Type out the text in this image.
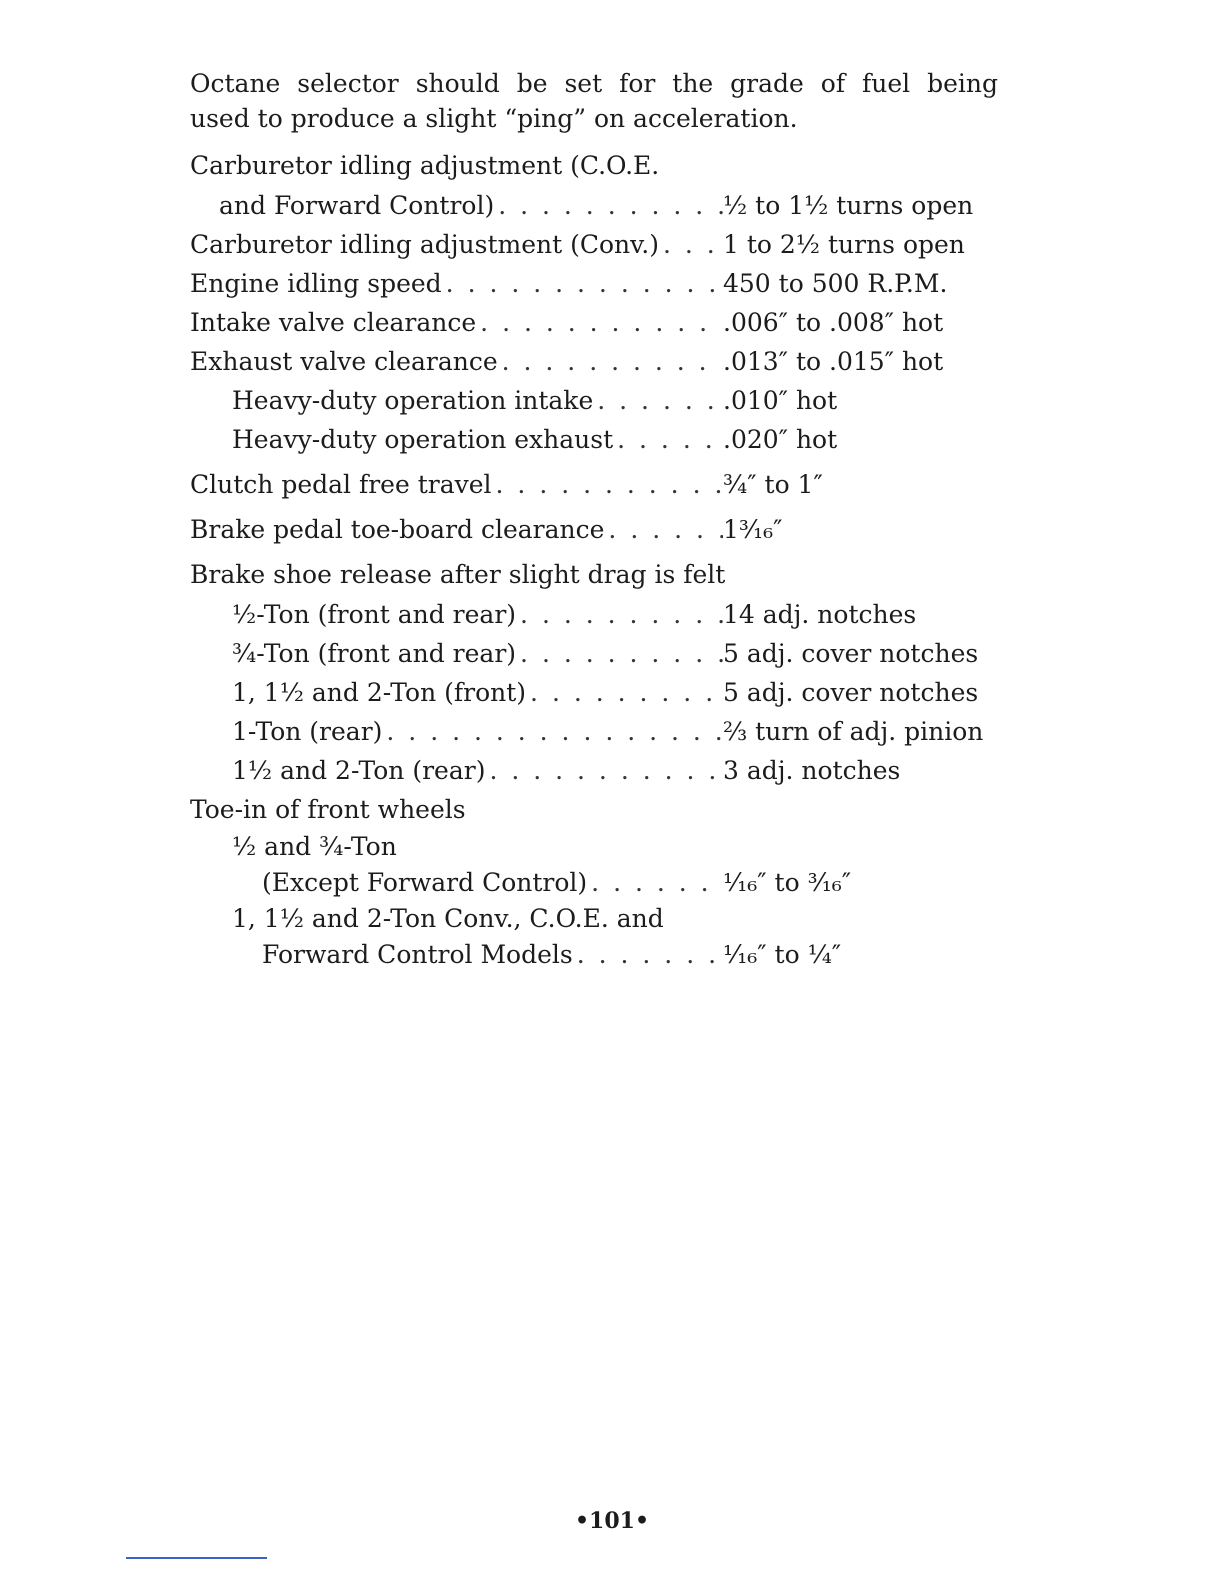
Octane selector should be set for the grade of fuel being
used to produce a slight “ping” on acceleration.

Carburetor idling adjustment (C.O.E.
and Forward Control) . . .	½ to 1½ turns open
Carburetor idling adjustment (Conv.) . . .	1 to 2½ turns open
Engine idling speed . . .	450 to 500 R.P.M.
Intake valve clearance . . .	.006″ to .008″ hot
Exhaust valve clearance . . .	.013″ to .015″ hot
Heavy-duty operation intake . . .	.010″ hot
Heavy-duty operation exhaust . . .	.020″ hot
Clutch pedal free travel . . .	¾″ to 1″
Brake pedal toe-board clearance . . .	1³⁄₁₆″
Brake shoe release after slight drag is felt
½-Ton (front and rear) . . .	14 adj. notches
¾-Ton (front and rear) . . .	5 adj. cover notches
1, 1½ and 2-Ton (front) . . .	5 adj. cover notches
1-Ton (rear) . . .	⅔ turn of adj. pinion
1½ and 2-Ton (rear) . . .	3 adj. notches
Toe-in of front wheels
½ and ¾-Ton
(Except Forward Control) . . .	¹⁄₁₆″ to ³⁄₁₆″
1, 1½ and 2-Ton Conv., C.O.E. and
Forward Control Models . . .	¹⁄₁₆″ to ¼″
•101•
